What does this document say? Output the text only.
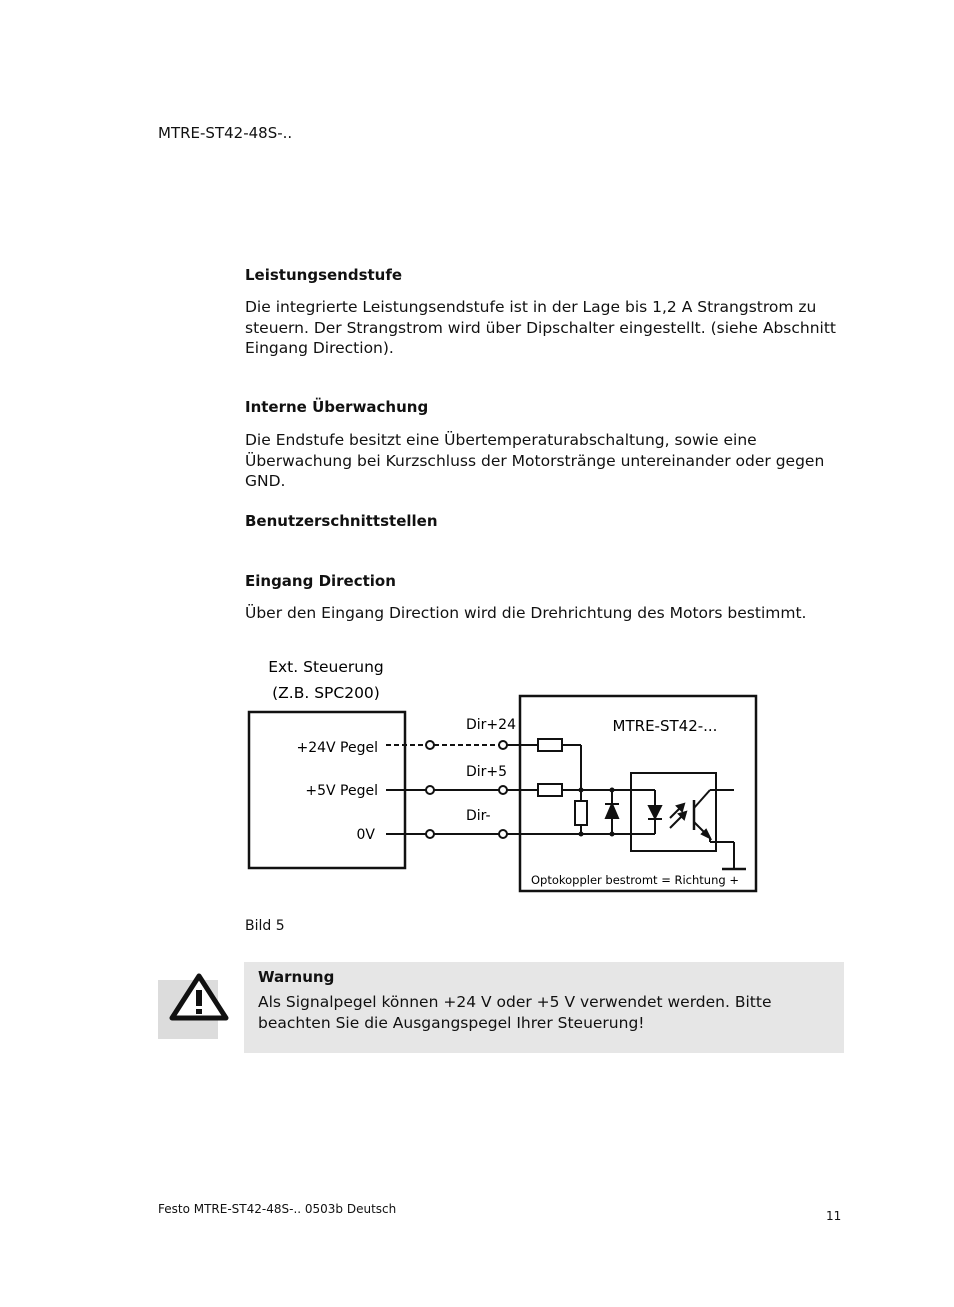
MTRE-ST42-48S-..
Leistungsendstufe
Die integrierte Leistungsendstufe ist in der Lage bis 1,2 A Strangstrom zu steuern. Der Strangstrom wird über Dipschalter eingestellt. (siehe Abschnitt Eingang Direction).
Interne Überwachung
Die Endstufe besitzt eine Übertemperaturabschaltung, sowie eine Überwachung bei Kurzschluss der Motorstränge untereinander oder gegen GND.
Benutzerschnittstellen
Eingang Direction
Über den Eingang Direction wird die Drehrichtung des Motors bestimmt.
Ext. Steuerung
(Z.B. SPC200)
MTRE-ST42-...
+24V Pegel
+5V Pegel
0V
Dir+24
Dir+5
Dir-
Optokoppler bestromt = Richtung +
Bild 5
Warnung
Als Signalpegel können +24 V oder +5 V verwendet werden. Bitte beachten Sie die Ausgangspegel Ihrer Steuerung!
Festo MTRE-ST42-48S-.. 0503b Deutsch	11
